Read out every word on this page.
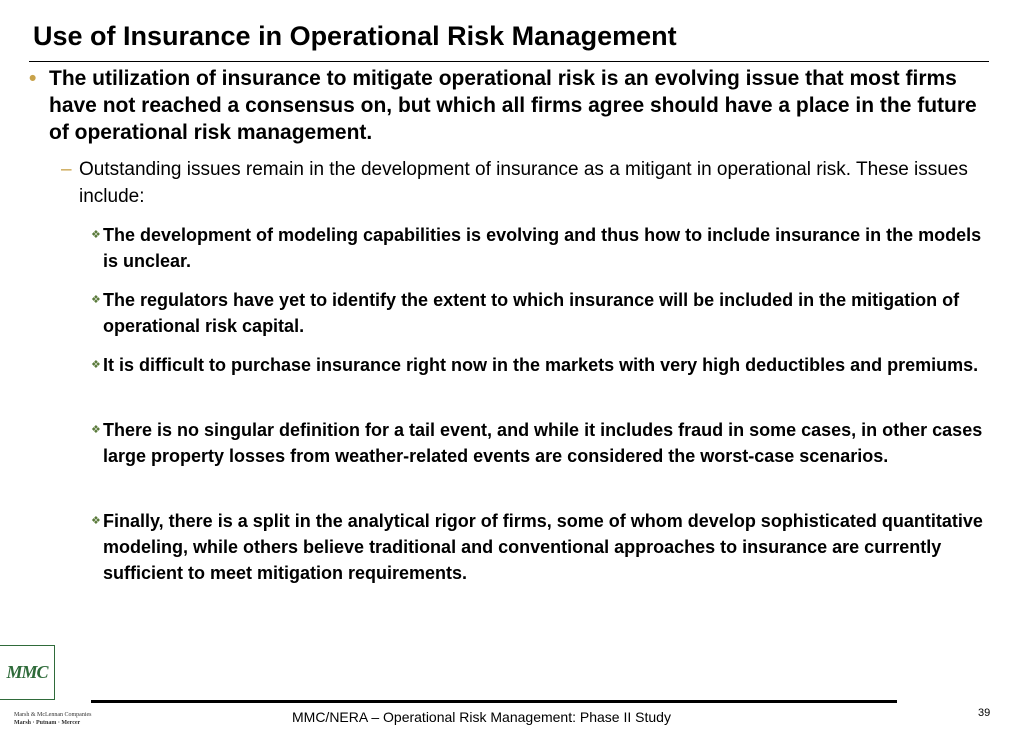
Use of Insurance in Operational Risk Management
• The utilization of insurance to mitigate operational risk is an evolving issue that most firms have not reached a consensus on, but which all firms agree should have a place in the future of operational risk management.
– Outstanding issues remain in the development of insurance as a mitigant in operational risk. These issues include:
❖ The development of modeling capabilities is evolving and thus how to include insurance in the models is unclear.
❖ The regulators have yet to identify the extent to which insurance will be included in the mitigation of operational risk capital.
❖ It is difficult to purchase insurance right now in the markets with very high deductibles and premiums.
❖ There is no singular definition for a tail event, and while it includes fraud in some cases, in other cases large property losses from weather-related events are considered the worst-case scenarios.
❖ Finally, there is a split in the analytical rigor of firms, some of whom develop sophisticated quantitative modeling, while others believe traditional and conventional approaches to insurance are currently sufficient to meet mitigation requirements.
MMC
Marsh & McLennan Companies
Marsh · Putnam · Mercer	MMC/NERA – Operational Risk Management: Phase II Study	39
